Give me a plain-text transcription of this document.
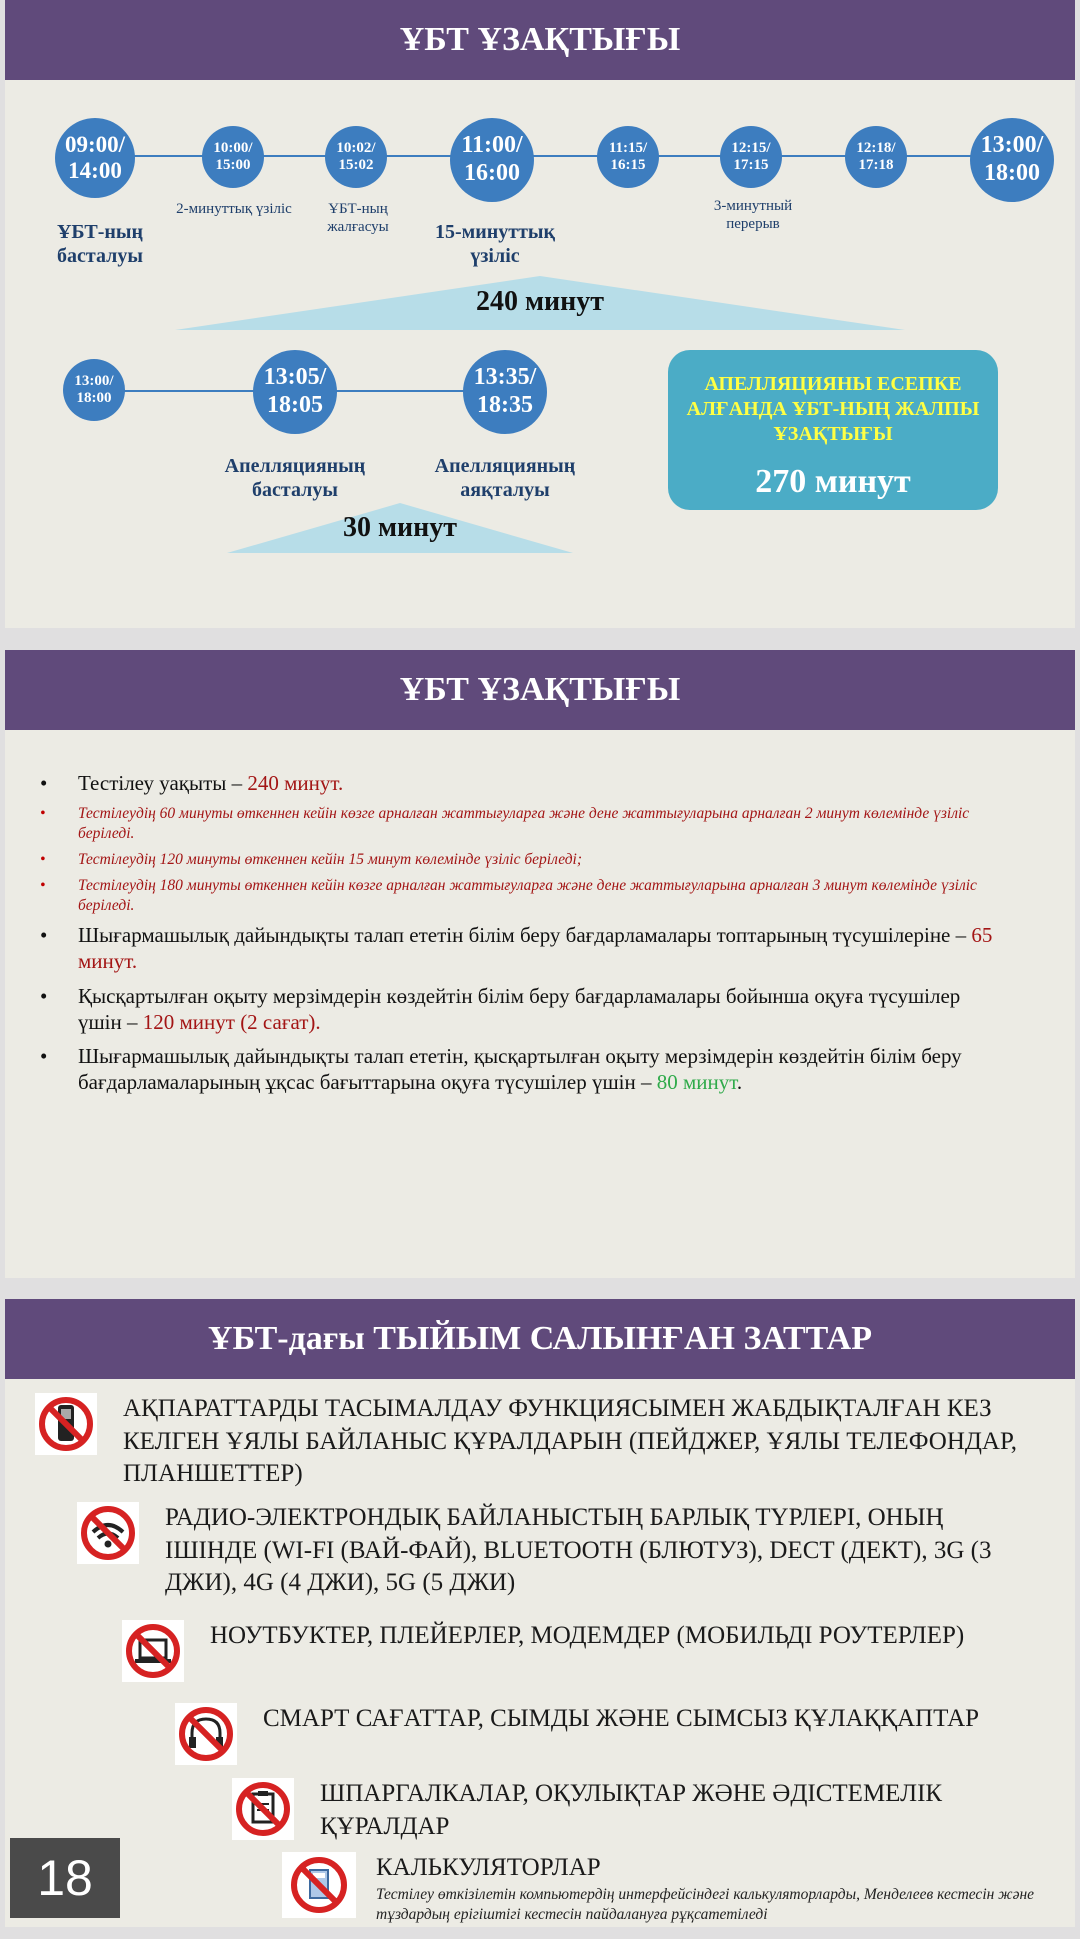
ҰБТ ҰЗАҚТЫҒЫ
09:00/ 14:00
10:00/ 15:00
10:02/ 15:02
11:00/ 16:00
11:15/ 16:15
12:15/ 17:15
12:18/ 17:18
13:00/ 18:00
ҰБТ-ның басталуы
2-минуттық үзіліс	ҰБТ-ның жалғасуы	15-минуттық үзіліс
3-минутный перерыв
240 минут
13:00/ 18:00
13:05/ 18:05
13:35/ 18:35
Апелляцияның басталуы
Апелляцияның аяқталуы
30 минут
АПЕЛЛЯЦИЯНЫ ЕСЕПКЕ АЛҒАНДА ҰБТ-НЫҢ ЖАЛПЫ ҰЗАҚТЫҒЫ
270 минут
ҰБТ ҰЗАҚТЫҒЫ
• Тестілеу уақыты – 240 минут.
• Тестілеудің 60 минуты өткеннен кейін көзге арналған жаттығуларға және дене жаттығуларына арналған 2 минут көлемінде үзіліс беріледі.
• Тестілеудің 120 минуты өткеннен кейін 15 минут көлемінде үзіліс беріледі;
• Тестілеудің 180 минуты өткеннен кейін көзге арналған жаттығуларға және дене жаттығуларына арналған 3 минут көлемінде үзіліс беріледі.
• Шығармашылық дайындықты талап ететін білім беру бағдарламалары топтарының түсушілеріне – 65 минут.
• Қысқартылған оқыту мерзімдерін көздейтін білім беру бағдарламалары бойынша оқуға түсушілер үшін – 120 минут (2 сағат).
• Шығармашылық дайындықты талап ететін, қысқартылған оқыту мерзімдерін көздейтін білім беру бағдарламаларының ұқсас бағыттарына оқуға түсушілер үшін – 80 минут.
ҰБТ-дағы ТЫЙЫМ САЛЫНҒАН ЗАТТАР
АҚПАРАТТАРДЫ ТАСЫМАЛДАУ ФУНКЦИЯСЫМЕН ЖАБДЫҚТАЛҒАН КЕЗ КЕЛГЕН ҰЯЛЫ БАЙЛАНЫС ҚҰРАЛДАРЫН (ПЕЙДЖЕР, ҰЯЛЫ ТЕЛЕФОНДАР, ПЛАНШЕТТЕР)
РАДИО-ЭЛЕКТРОНДЫҚ БАЙЛАНЫСТЫҢ БАРЛЫҚ ТҮРЛЕРІ, ОНЫҢ ІШІНДЕ (WI-FI (ВАЙ-ФАЙ), BLUETOOTH (БЛЮТУЗ), DECT (ДЕКТ), 3G (3 ДЖИ), 4G (4 ДЖИ), 5G (5 ДЖИ)
НОУТБУКТЕР, ПЛЕЙЕРЛЕР, МОДЕМДЕР (МОБИЛЬДІ РОУТЕРЛЕР)
СМАРТ САҒАТТАР, СЫМДЫ ЖӘНЕ СЫМСЫЗ ҚҰЛАҚҚАПТАР
ШПАРГАЛКАЛАР, ОҚУЛЫҚТАР ЖӘНЕ ӘДІСТЕМЕЛІК ҚҰРАЛДАР
КАЛЬКУЛЯТОРЛАР
Тестілеу өткізілетін компьютердің интерфейсіндегі калькуляторларды, Менделеев кестесін және тұздардың ерігіштігі кестесін пайдалануға рұқсатетіледі
18
